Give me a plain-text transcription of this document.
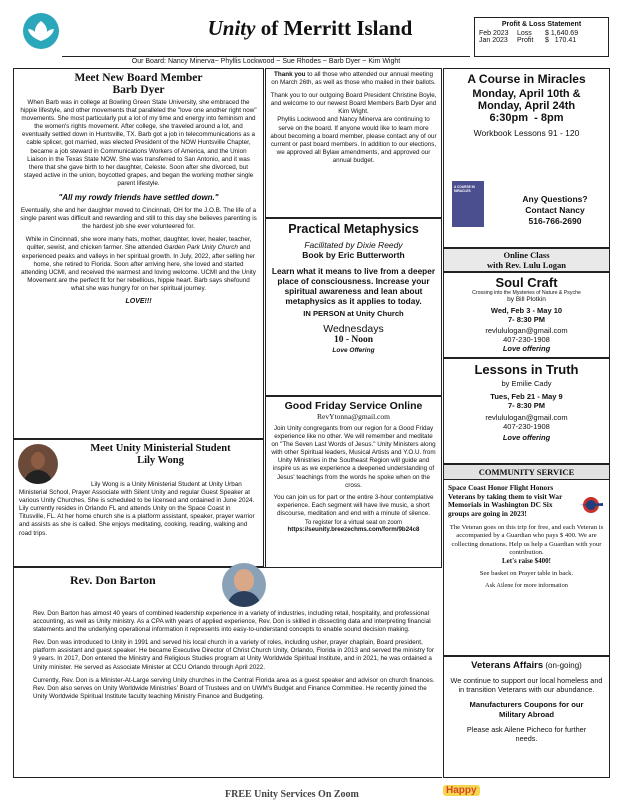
Unity of Merritt Island
Our Board: Nancy Minerva~ Phyllis Lockwood ~ Sue Rhodes ~ Barb Dyer ~ Kim Wight
Profit & Loss Statement
Feb 2023	Loss	$ 1,640.69
Jan 2023	Profit	$   170.41
Meet New Board Member
Barb Dyer
When Barb was in college at Bowling Green State University, she embraced the hippie lifestyle, and other movements that paralleled the "love one another right now" movements. She most particularly put a lot of my time and energy into feminism and the women's rights movement. After college, she traveled around a lot, and eventually settled down in Huntsville, TX. Barb got a job in telecommunications as a cable splicer, got married, was elected President of the NOW Huntsville Chapter, became a job steward in Communications Workers of America, and the Union Liaison in the Texas State NOW. She was transferred to San Antonio, and it was there that she gave birth to her daughter, Celeste. Soon after she divorced, but stayed active in the union, boycotted grapes, and began the working mother single parent lifestyle.
"All my rowdy friends have settled down."
Eventually, she and her daughter moved to Cincinnati, OH for the J.O.B. The life of a single parent was difficult and rewarding and still to this day she believes parenting is the hardest job she ever volunteered for.
While in Cincinnati, she wore many hats, mother, daughter, lover, healer, teacher, quilter, sewist, and chicken farmer. She attended Garden Park Unity Church and experienced peaks and valleys in her spiritual growth. In July, 2022, after selling her home, she retired to Florida. Soon after arriving here, she loved and started attending UCMI, and received the warmest and loving welcome. UCMI and the Unity Movement are the perfect fit for her rebellious, hippie heart. Barb says shefound what she was hungry for on her spiritual journey.
LOVE!!!
Meet Unity Ministerial Student
Lily Wong
Lily Wong is a Unity Ministerial Student at Unity Urban Ministerial School, Prayer Associate with Silent Unity and regular Guest Speaker at various Unity Churches. She is scheduled to be licensed and ordained in June 2024. Lily currently resides in Orlando FL and attends Unity on the Space Coast in Titusville, FL. At her home church she is a platform assistant, speaker, prayer warrior and assists as she is called. She enjoys meditating, cooking, reading, walking and road trips.
Thank you to all those who attended our annual meeting on March 26th, as well as those who mailed in their ballots.
Thank you to our outgoing Board President Christine Boyle, and welcome to our newest Board Members Barb Dyer and Kim Wight.
Phyllis Lockwood and Nancy Minerva are continuing to serve on the board. If anyone would like to learn more about becoming a board member, please contact any of our current or past board members. In addition to our elections, we approved all Bylaw amendments, and approved our annual budget.
Practical Metaphysics
Facilitated by Dixie Reedy
Book by Eric Butterworth
Learn what it means to live from a deeper place of consciousness. Increase your spiritual awareness and lean about metaphysics as it applies to today.
IN PERSON at Unity Church
Wednesdays
10 - Noon
Love Offering
Good Friday Service Online
RevYtonna@gmail.com
Join Unity congregants from our region for a Good Friday experience like no other. We will remember and meditate on "The Seven Last Words of Jesus." Unity Ministers along with other Spiritual leaders, Musical Artists and Y.O.U. from Unity Ministries in the Southeast Region will guide and inspire us as we experience a deepened understanding of Jesus' teachings from the words he spoke when on the cross.
You can join us for part or the entire 3-hour contemplative experience. Each segment will have live music, a short discourse, meditation and end with a minute of silence.
To register for a virtual seat on zoom
https://seunity.breezechms.com/form/9b24c8
A Course in Miracles
Monday, April 10th &
Monday, April 24th
6:30pm  - 8pm
Workbook Lessons 91 - 120
A COURSE IN MIRACLES
Any Questions?
Contact Nancy
516-766-2690
Online Class
with Rev. Lulu Logan
Soul Craft
Crossing into the Mysteries of Nature & Psyche
by Bill Plotkin
Wed, Feb 3 - May 10
7- 8:30 PM
revlululogan@gmail.com
407-230-1908
Love offering
Lessons in Truth
by Emilie Cady
Tues, Feb 21 - May 9
7- 8:30 PM
revlululogan@gmail.com
407-230-1908
Love offering
COMMUNITY SERVICE
Space Coast Honor Flight Honors Veterans by taking them to visit War Memorials in Washington DC Six groups are going in 2023!
The Veteran goes on this trip for free, and each Veteran is accompanied by a Guardian who pays $ 400. We are collecting donations. Help us help a Guardian with your contribution.
Let's raise $400!
See basket on Prayer table in back.
Ask Ailene for more information
Veterans Affairs (on-going)
We continue to support our local homeless and in transition Veterans with our abundance.
Manufacturers Coupons for our Military Abroad
Please ask Ailene Picheco for further needs.
Rev. Don Barton
Rev. Don Barton has almost 40 years of combined leadership experience in a variety of industries, including retail, hospitality, and professional accounting, as well as Unity ministry. As a CPA with years of applied experience, Rev. Don is skilled in dissecting data and interpreting financial statements and the underlying operational information it represents into easy-to-understand concepts to enable sound decision making.
Rev. Don was introduced to Unity in 1991 and served his local church in a variety of roles, including usher, prayer chaplain, Board president, platform assistant and guest speaker. He became Executive Director of Christ Church Unity, Orlando, Florida in 2013 and served the ministry for 9 years. In 2017, Don entered the Ministry and Religious Studies program at Unity Worldwide Spiritual Institute, and in 2021, he was ordained a Unity minister. He served as Associate Minister at CCU Orlando through April 2022.
Currently, Rev. Don is a Minister-At-Large serving Unity churches in the Central Florida area as a guest speaker and advisor on church finances. Rev. Don also serves on Unity Worldwide Ministries' Board of Trustees and on UWM's Budget and Finance Committee. He recently joined the Unity Worldwide Spiritual Institute faculty teaching Ministry Finance and Budgeting.
FREE Unity Services On Zoom	Happy
